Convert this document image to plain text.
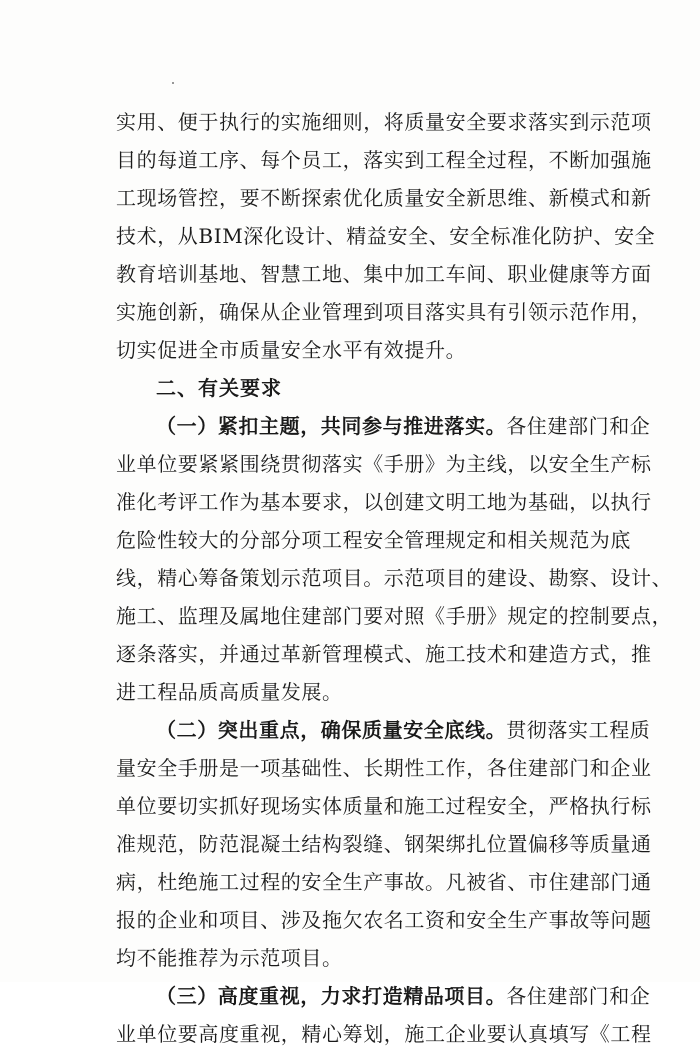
实用、便于执行的实施细则，将质量安全要求落实到示范项
目的每道工序、每个员工，落实到工程全过程，不断加强施
工现场管控，要不断探索优化质量安全新思维、新模式和新
技术，从BIM深化设计、精益安全、安全标准化防护、安全
教育培训基地、智慧工地、集中加工车间、职业健康等方面
实施创新，确保从企业管理到项目落实具有引领示范作用，
切实促进全市质量安全水平有效提升。
二、有关要求
（一）紧扣主题，共同参与推进落实。各住建部门和企
业单位要紧紧围绕贯彻落实《手册》为主线，以安全生产标
准化考评工作为基本要求，以创建文明工地为基础，以执行
危险性较大的分部分项工程安全管理规定和相关规范为底
线，精心筹备策划示范项目。示范项目的建设、勘察、设计、
施工、监理及属地住建部门要对照《手册》规定的控制要点，
逐条落实，并通过革新管理模式、施工技术和建造方式，推
进工程品质高质量发展。
（二）突出重点，确保质量安全底线。贯彻落实工程质
量安全手册是一项基础性、长期性工作，各住建部门和企业
单位要切实抓好现场实体质量和施工过程安全，严格执行标
准规范，防范混凝土结构裂缝、钢架绑扎位置偏移等质量通
病，杜绝施工过程的安全生产事故。凡被省、市住建部门通
报的企业和项目、涉及拖欠农名工资和安全生产事故等问题
均不能推荐为示范项目。
（三）高度重视，力求打造精品项目。各住建部门和企
业单位要高度重视，精心筹划，施工企业要认真填写《工程
